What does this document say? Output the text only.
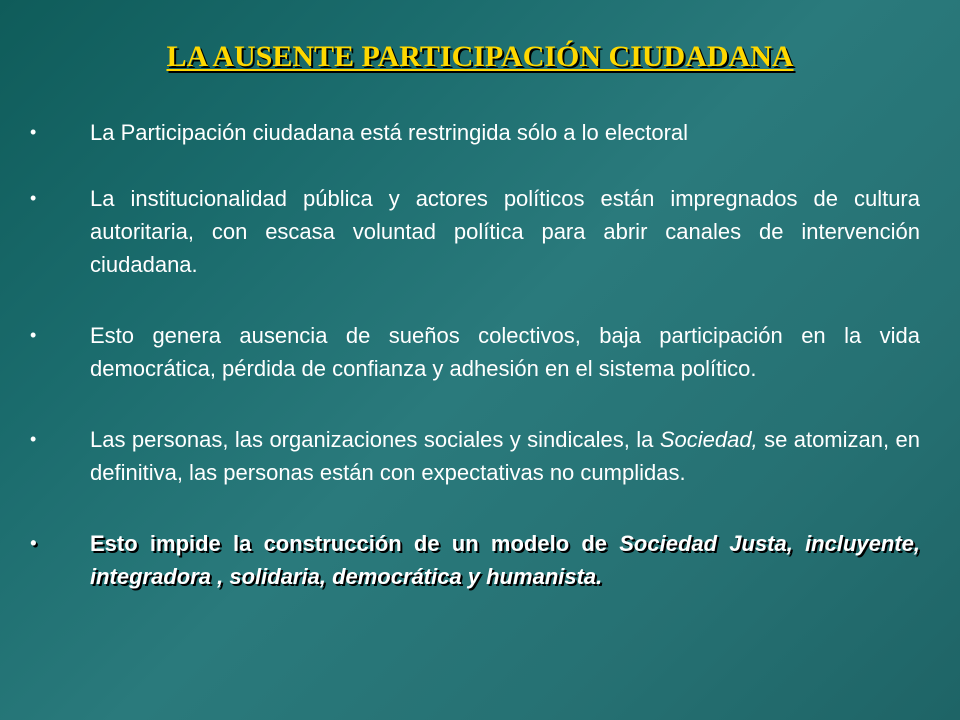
LA AUSENTE PARTICIPACIÓN CIUDADANA
•	La Participación ciudadana está restringida sólo a lo electoral
•	La institucionalidad pública y actores políticos están impregnados de cultura autoritaria, con escasa voluntad política para abrir canales de intervención ciudadana.
•	Esto genera ausencia de sueños colectivos, baja participación en la vida democrática, pérdida de confianza y adhesión en el sistema político.
•	Las personas, las organizaciones sociales y sindicales, la Sociedad, se atomizan, en definitiva, las personas están con expectativas no cumplidas.
•	Esto impide la construcción de un modelo de Sociedad Justa, incluyente, integradora , solidaria, democrática y humanista.
